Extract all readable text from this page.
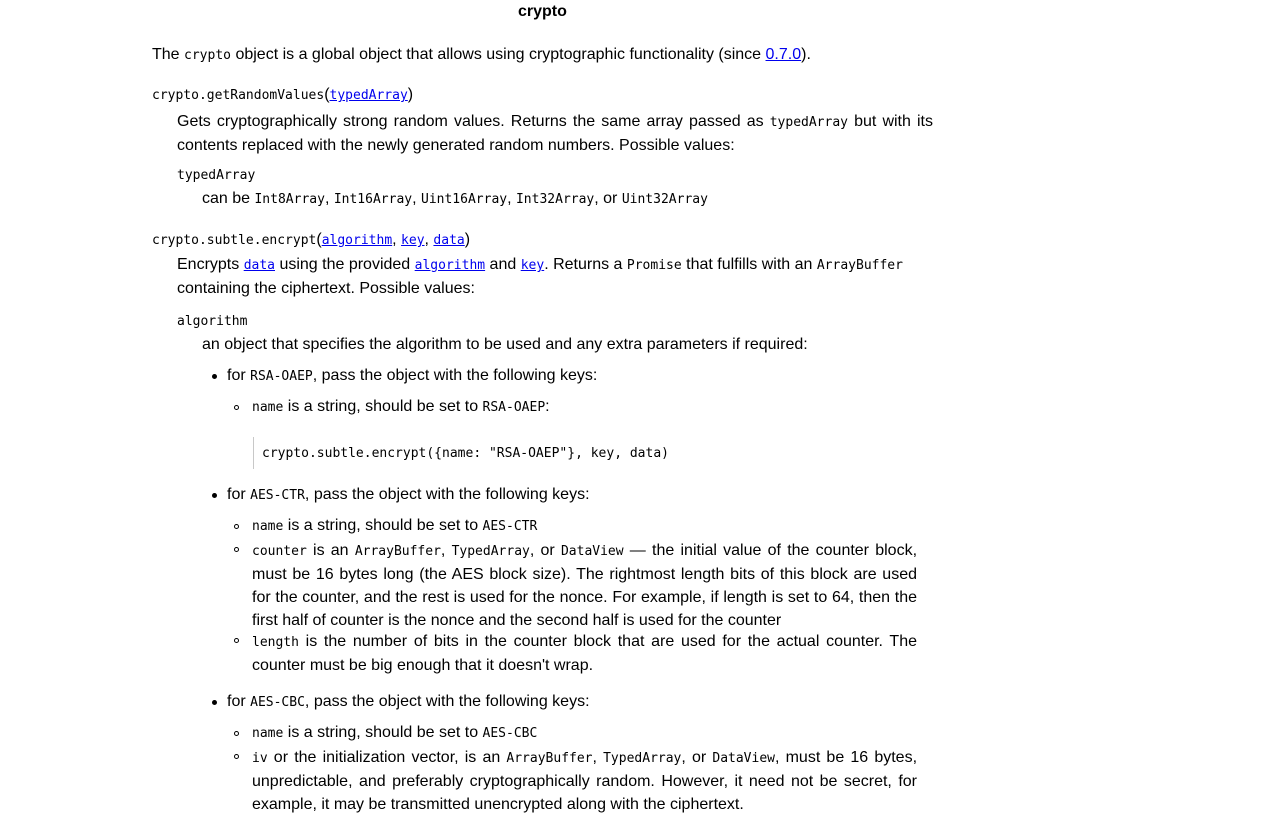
crypto
The crypto object is a global object that allows using cryptographic functionality (since 0.7.0).
crypto.getRandomValues(typedArray)
Gets cryptographically strong random values. Returns the same array passed as typedArray but with its contents replaced with the newly generated random numbers. Possible values:
typedArray
can be Int8Array, Int16Array, Uint16Array, Int32Array, or Uint32Array
crypto.subtle.encrypt(algorithm, key, data)
Encrypts data using the provided algorithm and key. Returns a Promise that fulfills with an ArrayBuffer
containing the ciphertext. Possible values:
algorithm
an object that specifies the algorithm to be used and any extra parameters if required:
for RSA-OAEP, pass the object with the following keys:
name is a string, should be set to RSA-OAEP:
crypto.subtle.encrypt({name: "RSA-OAEP"}, key, data)
for AES-CTR, pass the object with the following keys:
name is a string, should be set to AES-CTR
counter is an ArrayBuffer, TypedArray, or DataView — the initial value of the counter block, must be 16 bytes long (the AES block size). The rightmost length bits of this block are used for the counter, and the rest is used for the nonce. For example, if length is set to 64, then the first half of counter is the nonce and the second half is used for the counter
length is the number of bits in the counter block that are used for the actual counter. The counter must be big enough that it doesn't wrap.
for AES-CBC, pass the object with the following keys:
name is a string, should be set to AES-CBC
iv or the initialization vector, is an ArrayBuffer, TypedArray, or DataView, must be 16 bytes, unpredictable, and preferably cryptographically random. However, it need not be secret, for example, it may be transmitted unencrypted along with the ciphertext.
